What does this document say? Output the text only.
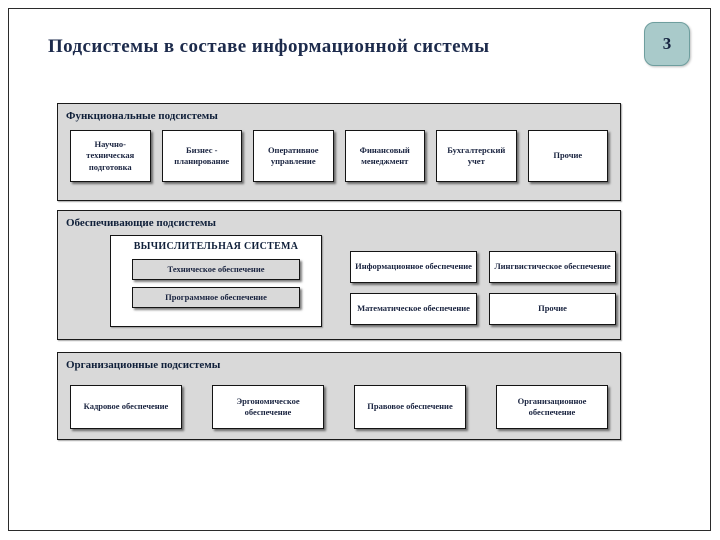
Подсистемы в составе информационной системы	3
Функциональные подсистемы
Научно-техническая подготовка
Бизнес - планирование
Оперативное управление
Финансовый менеджмент
Бухгалтерский учет
Прочие
Обеспечивающие подсистемы
ВЫЧИСЛИТЕЛЬНАЯ СИСТЕМА
Техническое обеспечение
Программное обеспечение
Информационное обеспечение	Лингвистическое обеспечение
Математическое обеспечение	Прочие
Организационные подсистемы
Кадровое обеспечение
Эргономическое обеспечение
Правовое обеспечение
Организационное обеспечение
